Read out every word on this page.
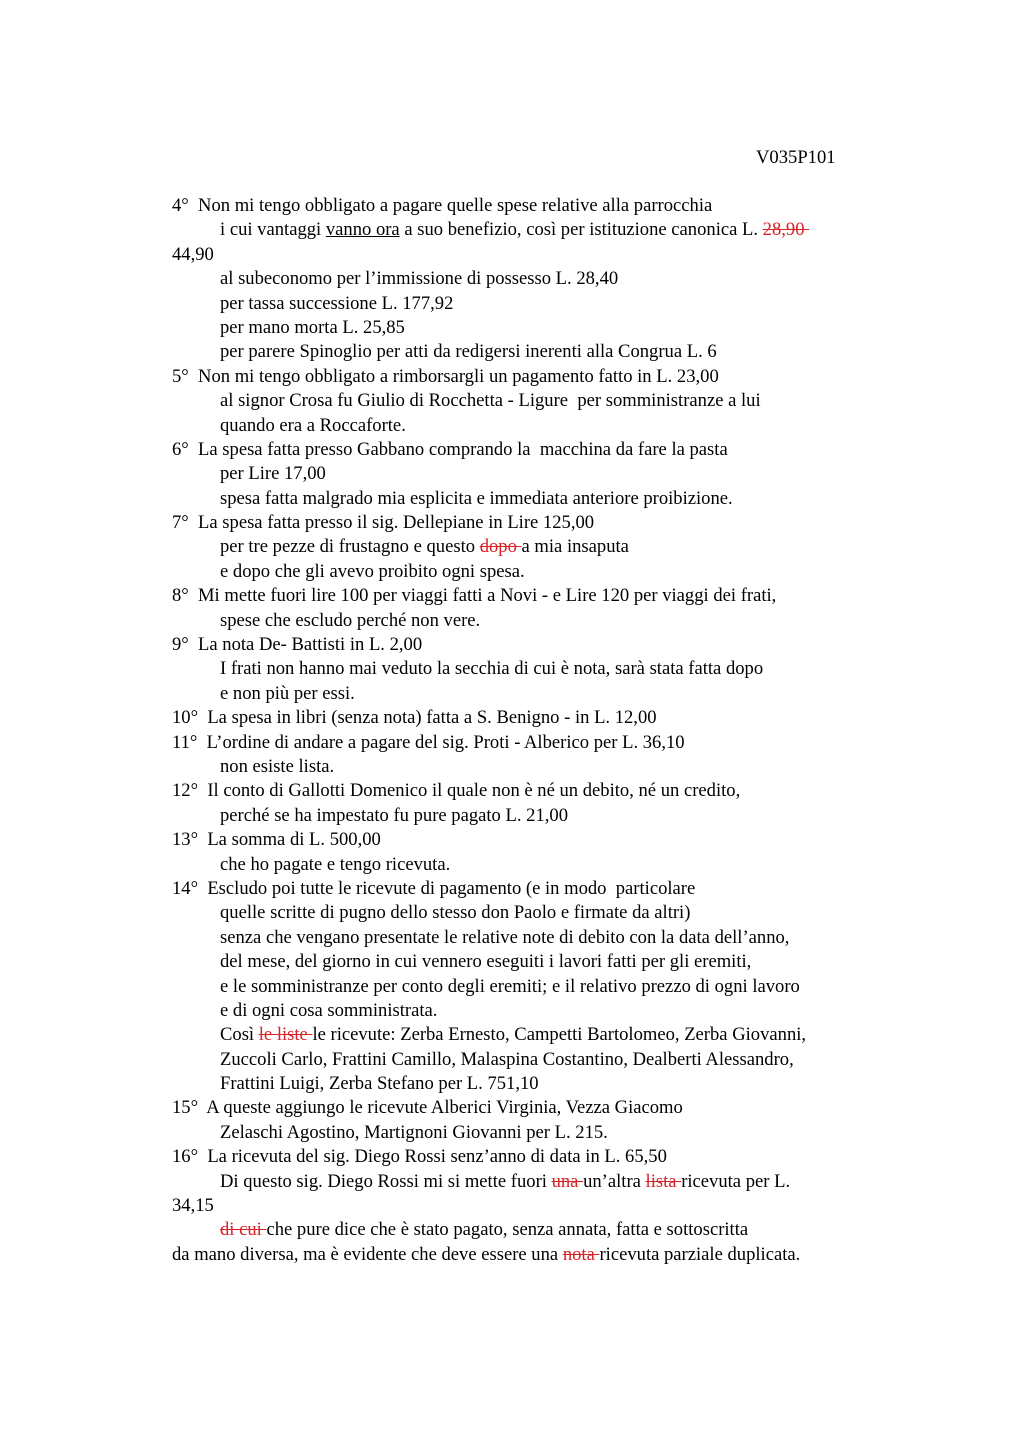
V035P101
4°  Non mi tengo obbligato a pagare quelle spese relative alla parrocchia
i cui vantaggi vanno ora a suo benefizio, così per istituzione canonica L. 28,90
44,90
al subeconomo per l’immissione di possesso L. 28,40
per tassa successione L. 177,92
per mano morta L. 25,85
per parere Spinoglio per atti da redigersi inerenti alla Congrua L. 6
5°  Non mi tengo obbligato a rimborsargli un pagamento fatto in L. 23,00
al signor Crosa fu Giulio di Rocchetta - Ligure  per somministranze a lui
quando era a Roccaforte.
6°  La spesa fatta presso Gabbano comprando la  macchina da fare la pasta
per Lire 17,00
spesa fatta malgrado mia esplicita e immediata anteriore proibizione.
7°  La spesa fatta presso il sig. Dellepiane in Lire 125,00
per tre pezze di frustagno e questo dopo a mia insaputa
e dopo che gli avevo proibito ogni spesa.
8°  Mi mette fuori lire 100 per viaggi fatti a Novi - e Lire 120 per viaggi dei frati,
spese che escludo perché non vere.
9°  La nota De- Battisti in L. 2,00
I frati non hanno mai veduto la secchia di cui è nota, sarà stata fatta dopo
e non più per essi.
10°  La spesa in libri (senza nota) fatta a S. Benigno - in L. 12,00
11°  L’ordine di andare a pagare del sig. Proti - Alberico per L. 36,10
non esiste lista.
12°  Il conto di Gallotti Domenico il quale non è né un debito, né un credito,
perché se ha impestato fu pure pagato L. 21,00
13°  La somma di L. 500,00
che ho pagate e tengo ricevuta.
14°  Escludo poi tutte le ricevute di pagamento (e in modo  particolare
quelle scritte di pugno dello stesso don Paolo e firmate da altri)
senza che vengano presentate le relative note di debito con la data dell’anno,
del mese, del giorno in cui vennero eseguiti i lavori fatti per gli eremiti,
e le somministranze per conto degli eremiti; e il relativo prezzo di ogni lavoro
e di ogni cosa somministrata.
Così le liste le ricevute: Zerba Ernesto, Campetti Bartolomeo, Zerba Giovanni,
Zuccoli Carlo, Frattini Camillo, Malaspina Costantino, Dealberti Alessandro,
Frattini Luigi, Zerba Stefano per L. 751,10
15°  A queste aggiungo le ricevute Alberici Virginia, Vezza Giacomo
Zelaschi Agostino, Martignoni Giovanni per L. 215.
16°  La ricevuta del sig. Diego Rossi senz’anno di data in L. 65,50
Di questo sig. Diego Rossi mi si mette fuori una un’altra lista ricevuta per L.
34,15
di cui che pure dice che è stato pagato, senza annata, fatta e sottoscritta
da mano diversa, ma è evidente che deve essere una nota ricevuta parziale duplicata.
